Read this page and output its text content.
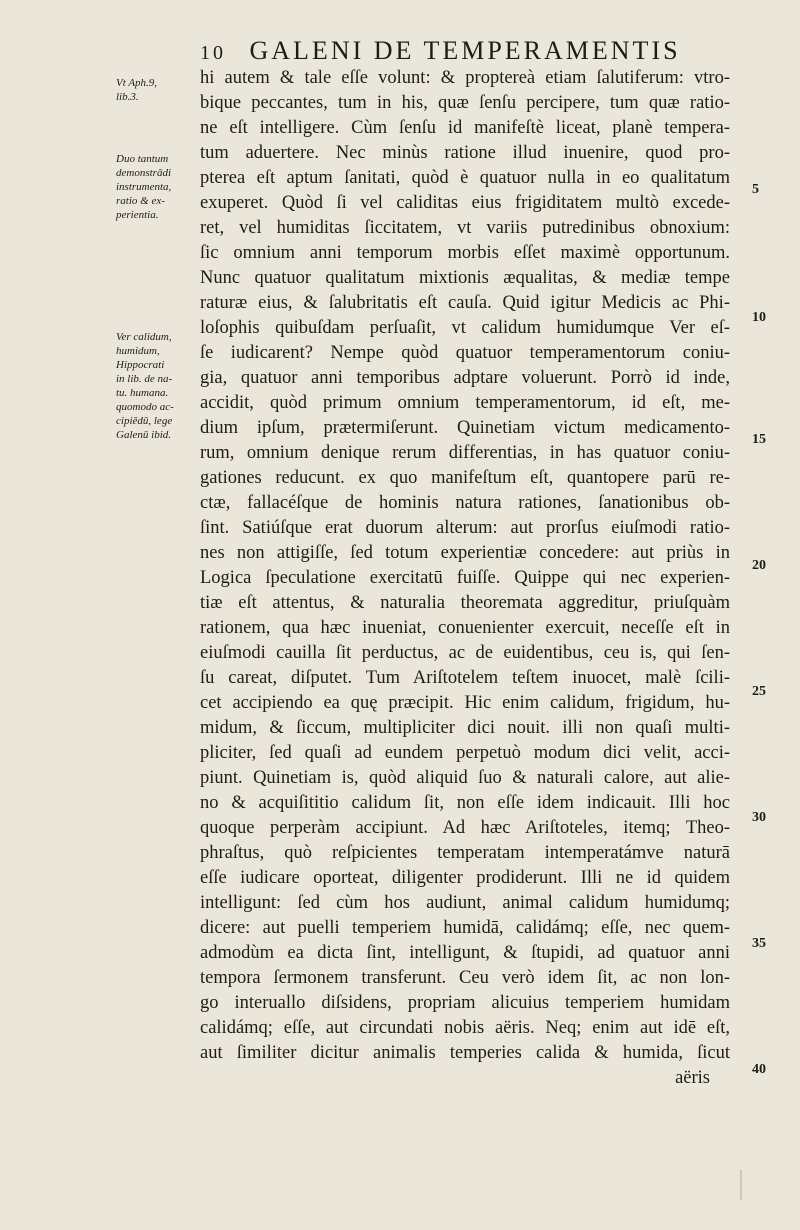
10 GALENI DE TEMPERAMENTIS
Vt Aph.9,
lib.3.
Duo tantum
demonstrādi
instrumenta,
ratio & ex-
perientia.
Ver calidum,
humidum,
Hippocrati
in lib. de na-
tu. humana.
quomodo ac-
cipiēdū, lege
Galenū ibid.
5
10
15
20
25
30
35
40
hi autem & tale eſſe volunt: & proptereà etiam ſalutiferum: vtro-
bique peccantes, tum in his, quæ ſenſu percipere, tum quæ ratio-
ne eſt intelligere. Cùm ſenſu id manifeſtè liceat, planè tempera-
tum aduertere. Nec minùs ratione illud inuenire, quod pro-
pterea eſt aptum ſanitati, quòd è quatuor nulla in eo qualitatum
exuperet. Quòd ſi vel caliditas eius frigiditatem multò excede-
ret, vel humiditas ſiccitatem, vt variis putredinibus obnoxium:
ſic omnium anni temporum morbis eſſet maximè opportunum.
Nunc quatuor qualitatum mixtionis æqualitas, & mediæ tempe
raturæ eius, & ſalubritatis eſt cauſa. Quid igitur Medicis ac Phi-
loſophis quibuſdam perſuaſit, vt calidum humidumque Ver eſ-
ſe iudicarent? Nempe quòd quatuor temperamentorum coniu-
gia, quatuor anni temporibus adptare voluerunt. Porrò id inde,
accidit, quòd primum omnium temperamentorum, id eſt, me-
dium ipſum, prætermiſerunt. Quinetiam victum medicamento-
rum, omnium denique rerum differentias, in has quatuor coniu-
gationes reducunt. ex quo manifeſtum eſt, quantopere parū re-
ctæ, fallacéſque de hominis natura rationes, ſanationibus ob-
ſint. Satiúſque erat duorum alterum: aut prorſus eiuſmodi ratio-
nes non attigiſſe, ſed totum experientiæ concedere: aut priùs in
Logica ſpeculatione exercitatū fuiſſe. Quippe qui nec experien-
tiæ eſt attentus, & naturalia theoremata aggreditur, priuſquàm
rationem, qua hæc inueniat, conuenienter exercuit, neceſſe eſt in
eiuſmodi cauilla ſit perductus, ac de euidentibus, ceu is, qui ſen-
ſu careat, diſputet. Tum Ariſtotelem teſtem inuocet, malè ſcili-
cet accipiendo ea quę præcipit. Hic enim calidum, frigidum, hu-
midum, & ſiccum, multipliciter dici nouit. illi non quaſi multi-
pliciter, ſed quaſi ad eundem perpetuò modum dici velit, acci-
piunt. Quinetiam is, quòd aliquid ſuo & naturali calore, aut alie-
no & acquiſititio calidum ſit, non eſſe idem indicauit. Illi hoc
quoque perperàm accipiunt. Ad hæc Ariſtoteles, itemq; Theo-
phraſtus, quò reſpicientes temperatam intemperatámve naturā
eſſe iudicare oporteat, diligenter prodiderunt. Illi ne id quidem
intelligunt: ſed cùm hos audiunt, animal calidum humidumq;
dicere: aut puelli temperiem humidā, calidámq; eſſe, nec quem-
admodùm ea dicta ſint, intelligunt, & ſtupidi, ad quatuor anni
tempora ſermonem transferunt. Ceu verò idem ſit, ac non lon-
go interuallo diſsidens, propriam alicuius temperiem humidam
calidámq; eſſe, aut circundati nobis aëris. Neq; enim aut idē eſt,
aut ſimiliter dicitur animalis temperies calida & humida, ſicut
aëris
